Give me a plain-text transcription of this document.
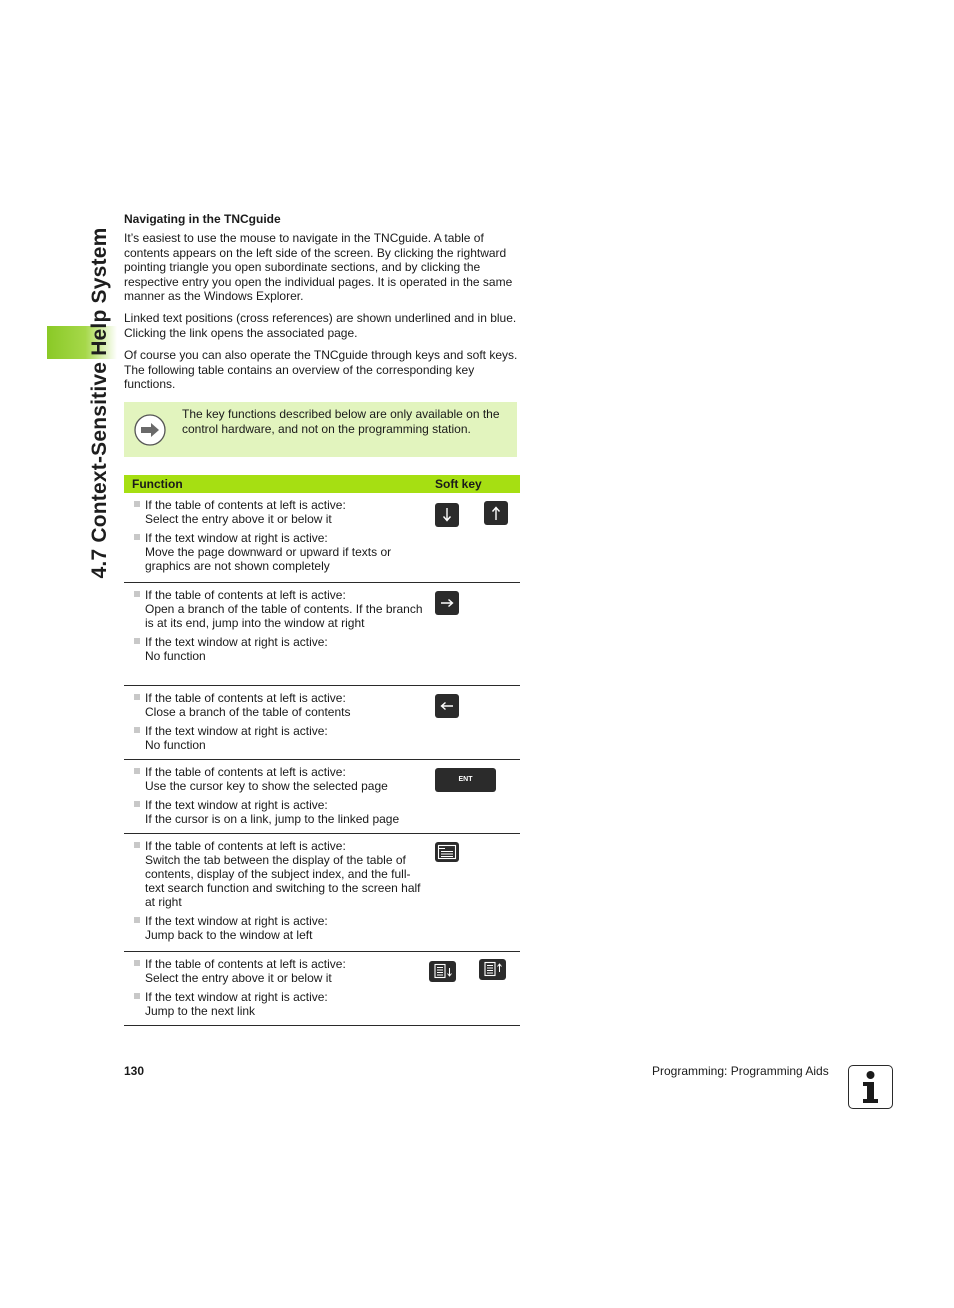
4.7 Context-Sensitive Help System
Navigating in the TNCguide

It’s easiest to use the mouse to navigate in the TNCguide. A table of contents appears on the left side of the screen. By clicking the rightward pointing triangle you open subordinate sections, and by clicking the respective entry you open the individual pages. It is operated in the same manner as the Windows Explorer.

Linked text positions (cross references) are shown underlined and in blue. Clicking the link opens the associated page.

Of course you can also operate the TNCguide through keys and soft keys. The following table contains an overview of the corresponding key functions.

The key functions described below are only available on the control hardware, and not on the programming station.
Function	Soft key

If the table of contents at left is active:
Select the entry above it or below it
If the text window at right is active:
Move the page downward or upward if texts or graphics are not shown completely

If the table of contents at left is active:
Open a branch of the table of contents. If the branch is at its end, jump into the window at right
If the text window at right is active:
No function

If the table of contents at left is active:
Close a branch of the table of contents
If the text window at right is active:
No function

If the table of contents at left is active:
Use the cursor key to show the selected page
If the text window at right is active:
If the cursor is on a link, jump to the linked page	ENT

If the table of contents at left is active:
Switch the tab between the display of the table of contents, display of the subject index, and the full-text search function and switching to the screen half at right
If the text window at right is active:
Jump back to the window at left

If the table of contents at left is active:
Select the entry above it or below it
If the text window at right is active:
Jump to the next link

130	Programming: Programming Aids
